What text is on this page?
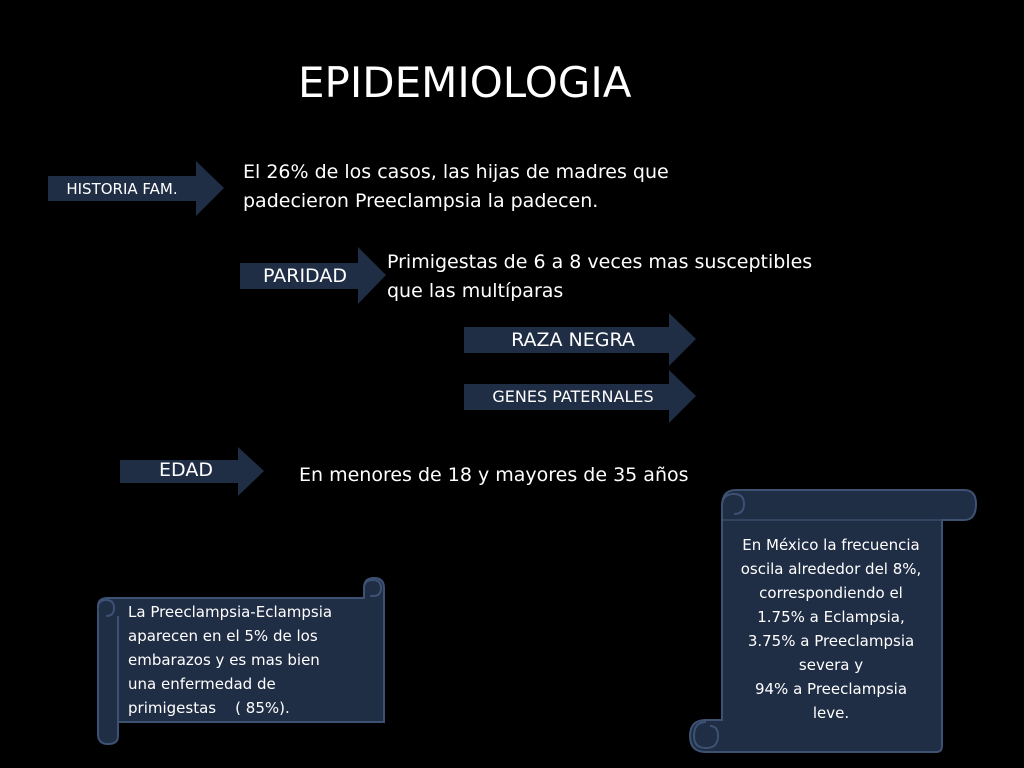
EPIDEMIOLOGIA
HISTORIA FAM.
El 26% de los casos, las hijas de madres que
padecieron Preeclampsia la padecen.
PARIDAD
Primigestas de 6 a 8 veces mas susceptibles
que las multíparas
RAZA NEGRA
GENES PATERNALES
EDAD	En menores de 18 y mayores de 35 años
La Preeclampsia-Eclampsia
aparecen en el 5% de los
embarazos y es mas bien
una enfermedad de
primigestas    ( 85%).
En México la frecuencia
oscila alrededor del 8%,
correspondiendo el
1.75% a Eclampsia,
3.75% a Preeclampsia
severa y
94% a Preeclampsia
leve.
